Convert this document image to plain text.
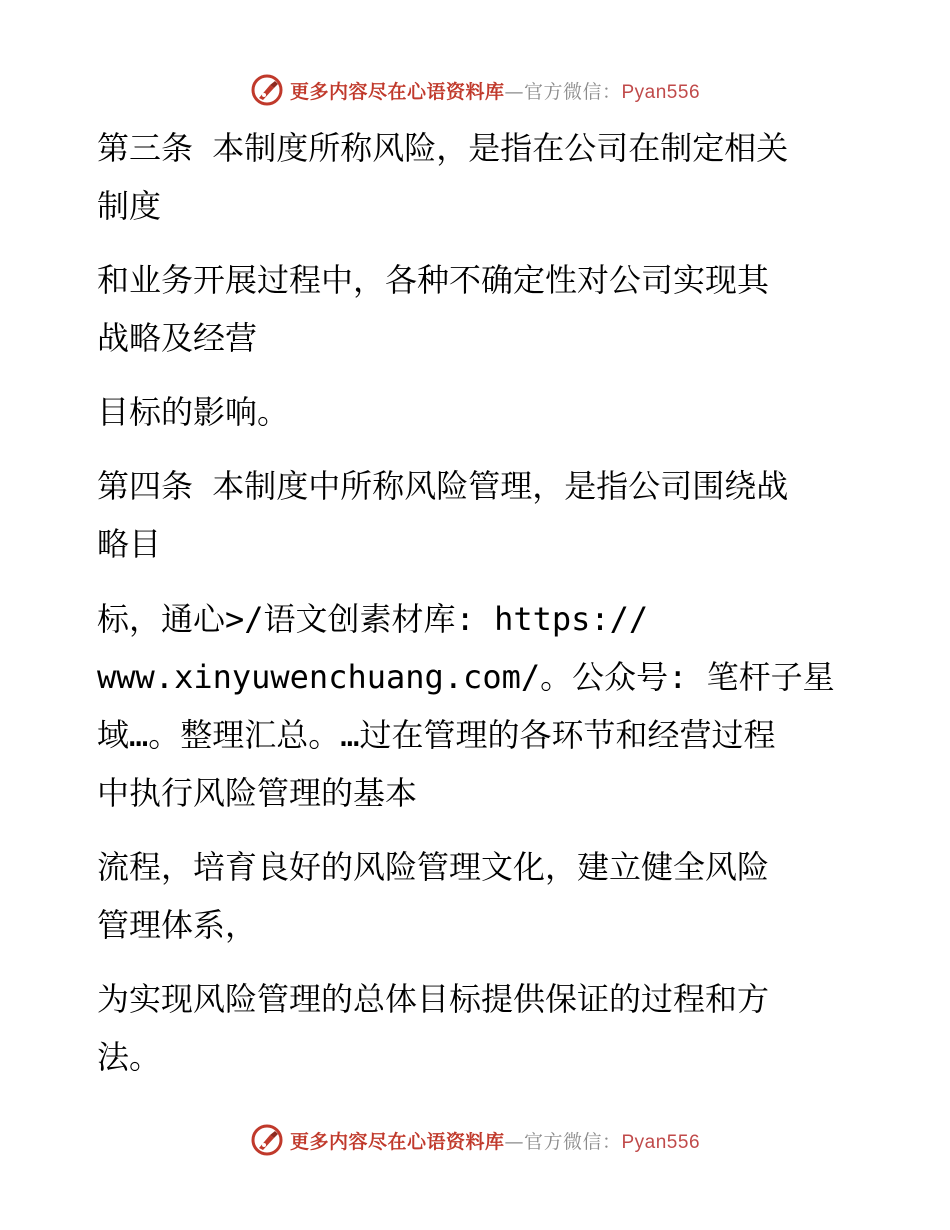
更多内容尽在心语资料库—官方微信：Pyan556
第三条 本制度所称风险，是指在公司在制定相关
制度
和业务开展过程中，各种不确定性对公司实现其
战略及经营
目标的影响。
第四条 本制度中所称风险管理，是指公司围绕战
略目
标，通心>/语文创素材库: https://
www.xinyuwenchuang.com/。公众号: 笔杆子星
域…。整理汇总。…过在管理的各环节和经营过程
中执行风险管理的基本
流程，培育良好的风险管理文化，建立健全风险
管理体系，
为实现风险管理的总体目标提供保证的过程和方
法。
更多内容尽在心语资料库—官方微信：Pyan556
